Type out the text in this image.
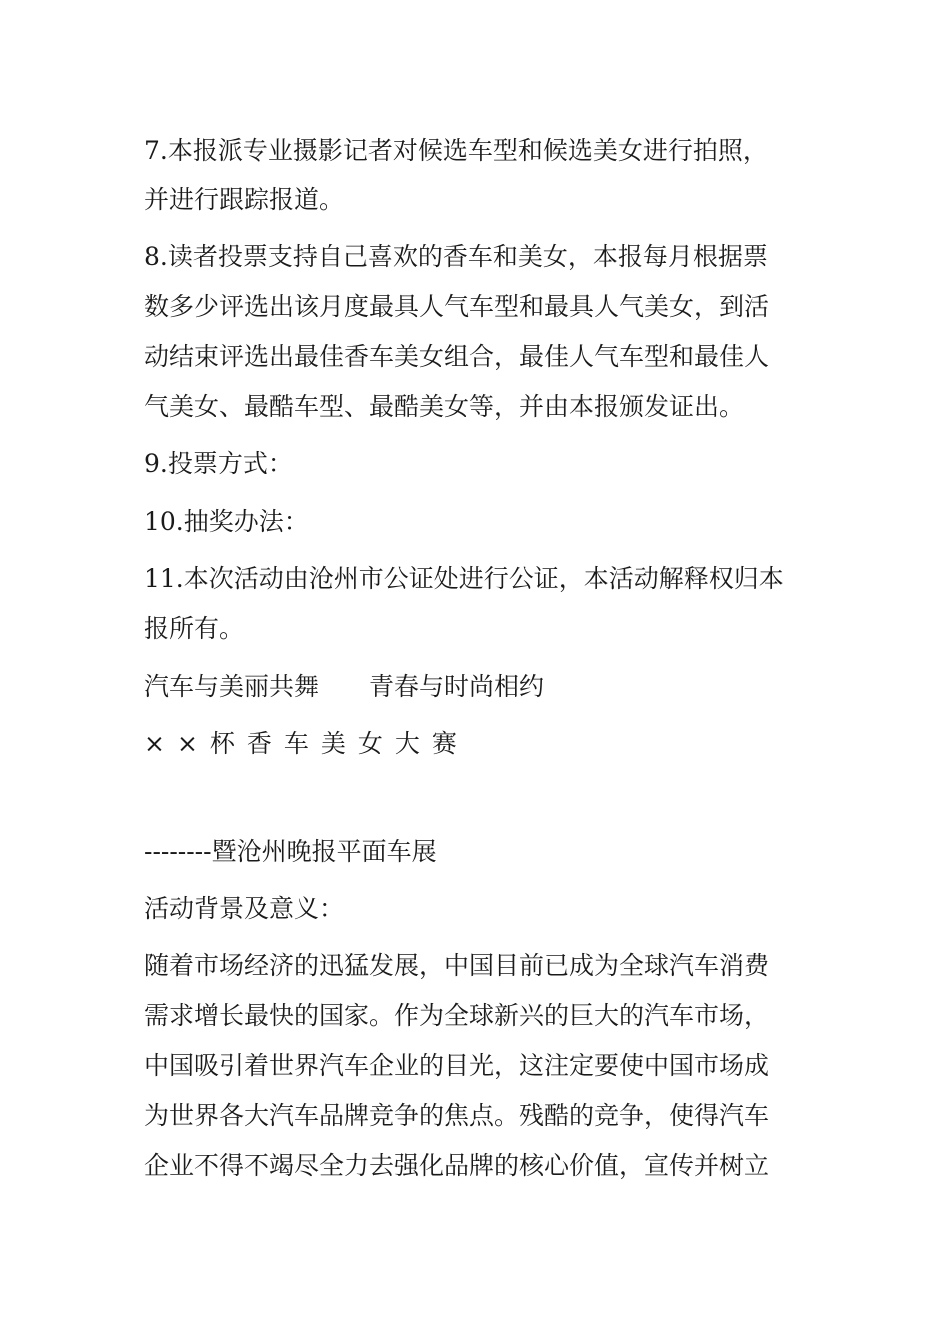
7.本报派专业摄影记者对候选车型和候选美女进行拍照，

并进行跟踪报道。

8.读者投票支持自己喜欢的香车和美女，本报每月根据票

数多少评选出该月度最具人气车型和最具人气美女，到活

动结束评选出最佳香车美女组合，最佳人气车型和最佳人

气美女、最酷车型、最酷美女等，并由本报颁发证出。

9.投票方式：

10.抽奖办法：

11.本次活动由沧州市公证处进行公证，本活动解释权归本

报所有。

汽车与美丽共舞　　青春与时尚相约

××杯香车美女大赛

--------暨沧州晚报平面车展

活动背景及意义：

随着市场经济的迅猛发展，中国目前已成为全球汽车消费

需求增长最快的国家。作为全球新兴的巨大的汽车市场，

中国吸引着世界汽车企业的目光，这注定要使中国市场成

为世界各大汽车品牌竞争的焦点。残酷的竞争，使得汽车

企业不得不竭尽全力去强化品牌的核心价值，宣传并树立
